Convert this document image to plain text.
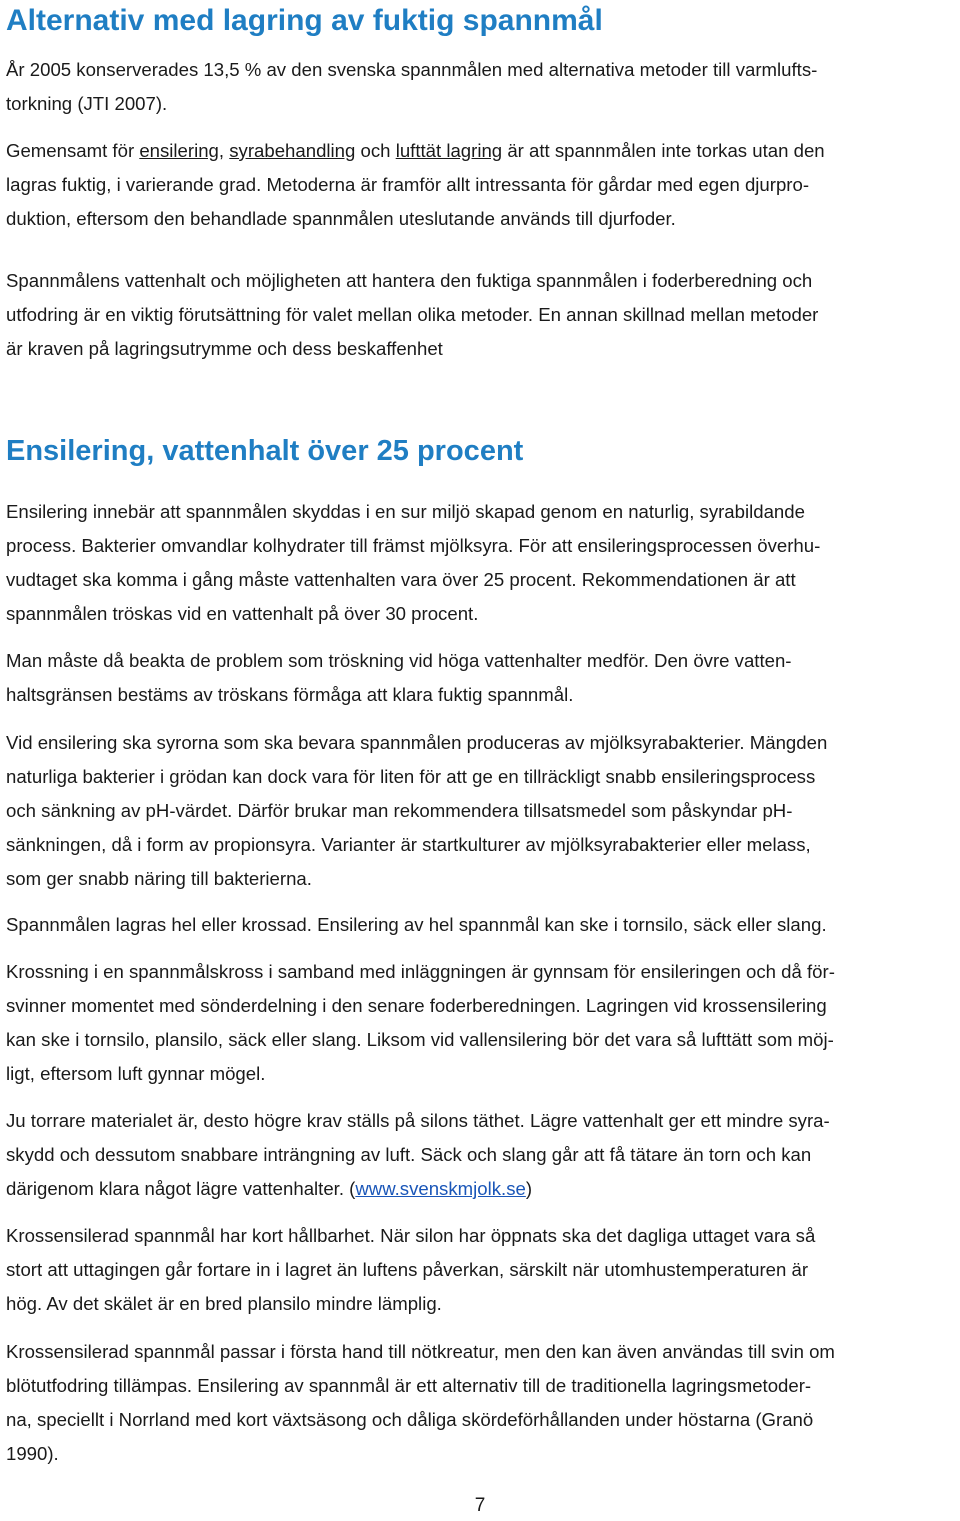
Alternativ med lagring av fuktig spannmål
År 2005 konserverades 13,5 % av den svenska spannmålen med alternativa metoder till varmlufts-
torkning (JTI 2007).
Gemensamt för ensilering, syrabehandling och lufttät lagring är att spannmålen inte torkas utan den
lagras fuktig, i varierande grad. Metoderna är framför allt intressanta för gårdar med egen djurpro-
duktion, eftersom den behandlade spannmålen uteslutande används till djurfoder.
Spannmålens vattenhalt och möjligheten att hantera den fuktiga spannmålen i foderberedning och
utfodring är en viktig förutsättning för valet mellan olika metoder. En annan skillnad mellan metoder
är kraven på lagringsutrymme och dess beskaffenhet
Ensilering, vattenhalt över 25 procent
Ensilering innebär att spannmålen skyddas i en sur miljö skapad genom en naturlig, syrabildande
process. Bakterier omvandlar kolhydrater till främst mjölksyra. För att ensileringsprocessen överhu-
vudtaget ska komma i gång måste vattenhalten vara över 25 procent. Rekommendationen är att
spannmålen tröskas vid en vattenhalt på över 30 procent.
Man måste då beakta de problem som tröskning vid höga vattenhalter medför. Den övre vatten-
haltsgränsen bestäms av tröskans förmåga att klara fuktig spannmål.
Vid ensilering ska syrorna som ska bevara spannmålen produceras av mjölksyrabakterier. Mängden
naturliga bakterier i grödan kan dock vara för liten för att ge en tillräckligt snabb ensileringsprocess
och sänkning av pH-värdet. Därför brukar man rekommendera tillsatsmedel som påskyndar pH-
sänkningen, då i form av propionsyra. Varianter är startkulturer av mjölksyrabakterier eller melass,
som ger snabb näring till bakterierna.
Spannmålen lagras hel eller krossad. Ensilering av hel spannmål kan ske i tornsilo, säck eller slang.
Krossning i en spannmålskross i samband med inläggningen är gynnsam för ensileringen och då för-
svinner momentet med sönderdelning i den senare foderberedningen. Lagringen vid krossensilering
kan ske i tornsilo, plansilo, säck eller slang. Liksom vid vallensilering bör det vara så lufttätt som möj-
ligt, eftersom luft gynnar mögel.
Ju torrare materialet är, desto högre krav ställs på silons täthet. Lägre vattenhalt ger ett mindre syra-
skydd och dessutom snabbare inträngning av luft. Säck och slang går att få tätare än torn och kan
därigenom klara något lägre vattenhalter. (www.svenskmjolk.se)
Krossensilerad spannmål har kort hållbarhet. När silon har öppnats ska det dagliga uttaget vara så
stort att uttagingen går fortare in i lagret än luftens påverkan, särskilt när utomhustemperaturen är
hög. Av det skälet är en bred plansilo mindre lämplig.
Krossensilerad spannmål passar i första hand till nötkreatur, men den kan även användas till svin om
blötutfodring tillämpas. Ensilering av spannmål är ett alternativ till de traditionella lagringsmetoder-
na, speciellt i Norrland med kort växtsäsong och dåliga skördeförhållanden under höstarna (Granö
1990).
7
